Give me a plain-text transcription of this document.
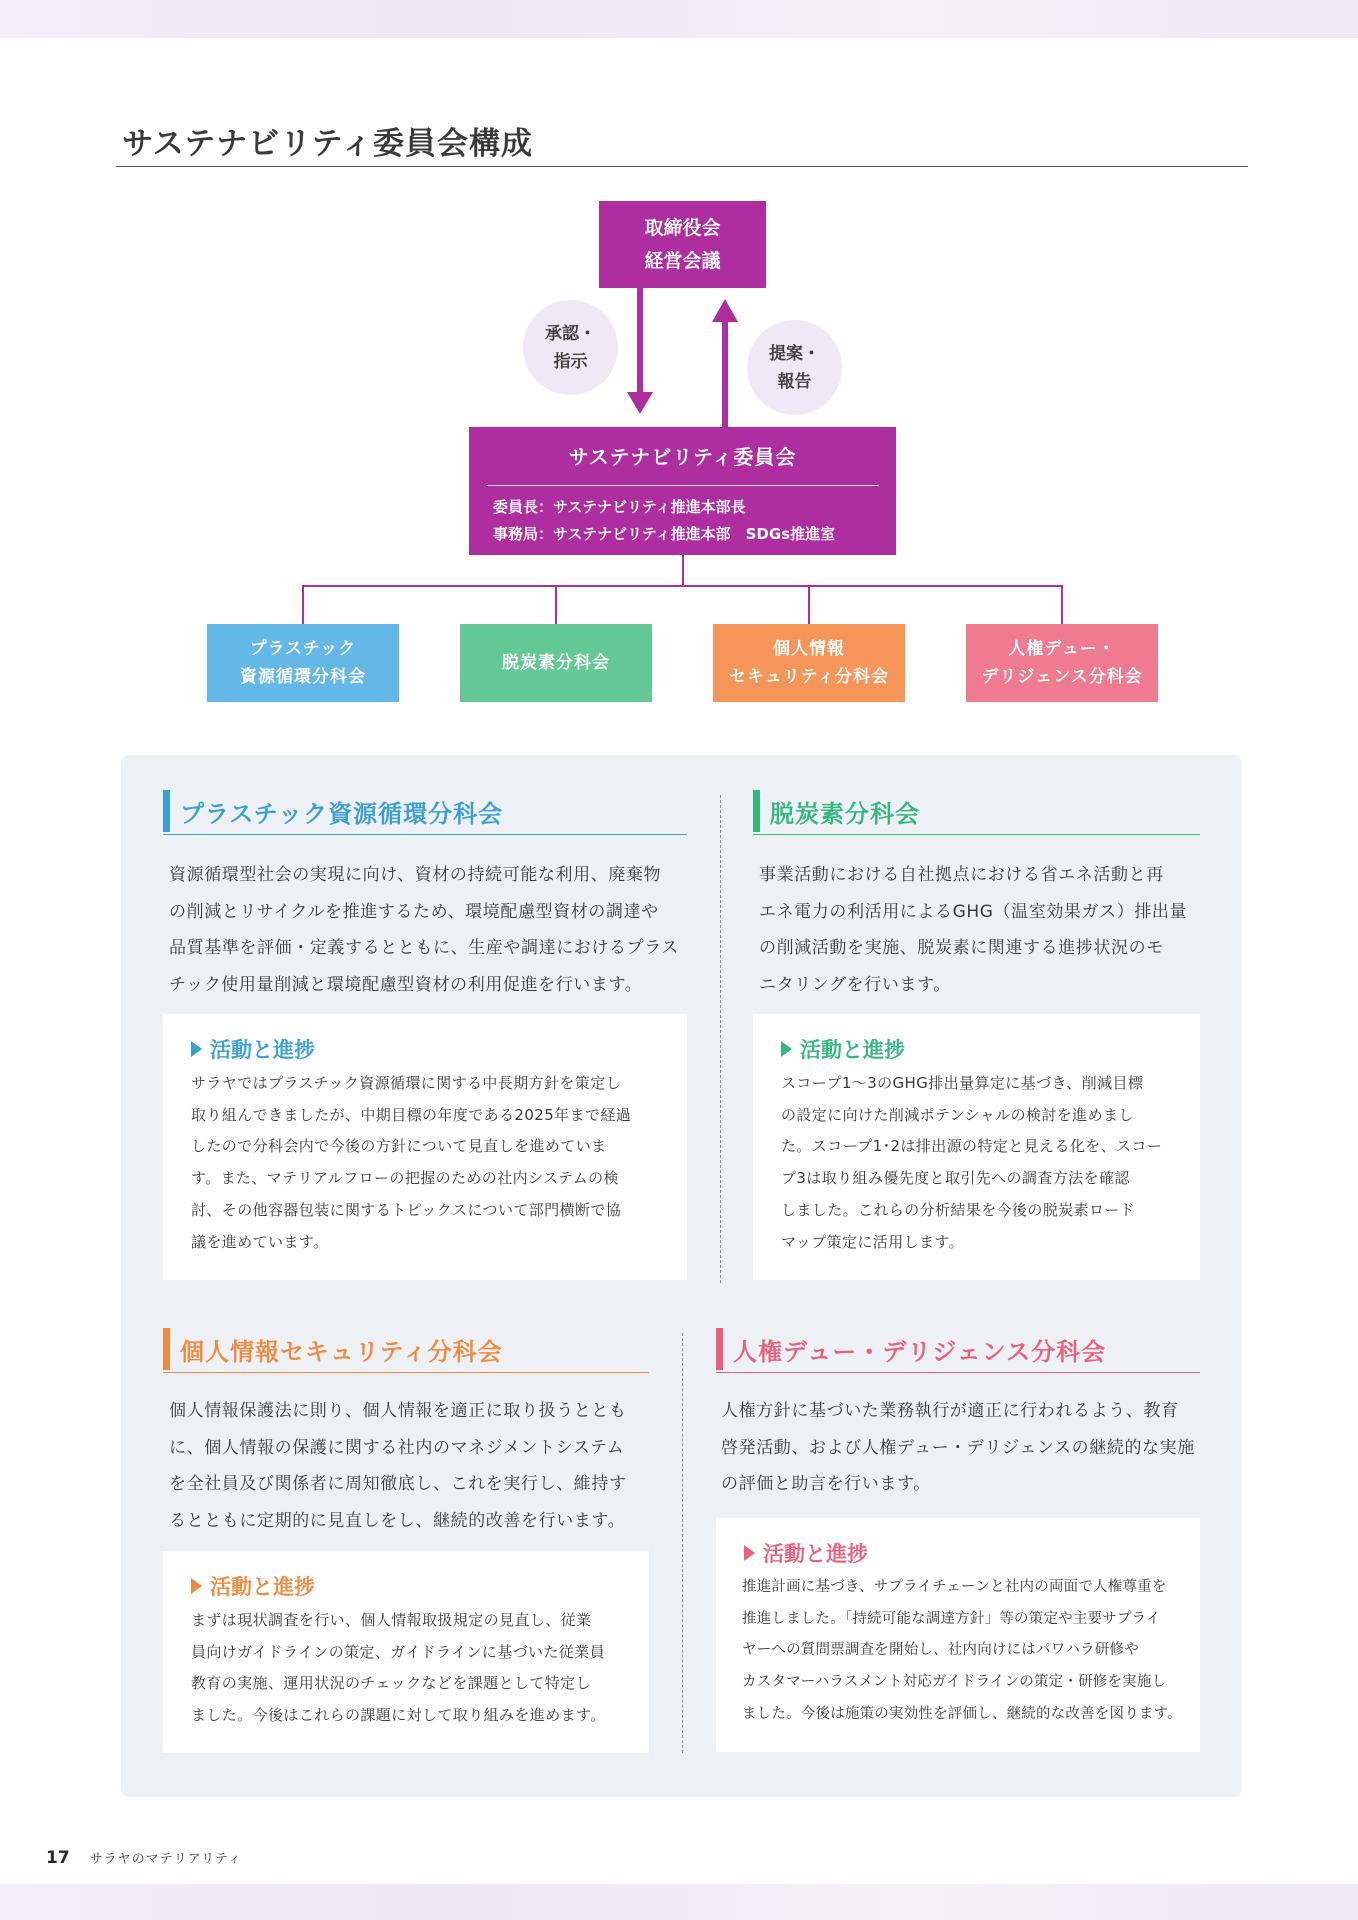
サステナビリティ委員会構成
取締役会
経営会議
承認・
指示	提案・
報告
サステナビリティ委員会
委員長：サステナビリティ推進本部長
事務局：サステナビリティ推進本部　SDGs推進室
プラスチック
資源循環分科会
脱炭素分科会
個人情報
セキュリティ分科会
人権デュー・
デリジェンス分科会
プラスチック資源循環分科会
資源循環型社会の実現に向け、資材の持続可能な利用、廃棄物
の削減とリサイクルを推進するため、環境配慮型資材の調達や
品質基準を評価・定義するとともに、生産や調達におけるプラス
チック使用量削減と環境配慮型資材の利用促進を行います。
活動と進捗
サラヤではプラスチック資源循環に関する中長期方針を策定し
取り組んできましたが、中期目標の年度である2025年まで経過
したので分科会内で今後の方針について見直しを進めていま
す。また、マテリアルフローの把握のための社内システムの検
討、その他容器包装に関するトピックスについて部門横断で協
議を進めています。
脱炭素分科会
事業活動における自社拠点における省エネ活動と再
エネ電力の利活用によるGHG（温室効果ガス）排出量
の削減活動を実施、脱炭素に関連する進捗状況のモ
ニタリングを行います。
活動と進捗
スコープ1～3のGHG排出量算定に基づき、削減目標
の設定に向けた削減ポテンシャルの検討を進めまし
た。スコープ1･2は排出源の特定と見える化を、スコー
プ3は取り組み優先度と取引先への調査方法を確認
しました。これらの分析結果を今後の脱炭素ロード
マップ策定に活用します。
個人情報セキュリティ分科会
個人情報保護法に則り、個人情報を適正に取り扱うととも
に、個人情報の保護に関する社内のマネジメントシステム
を全社員及び関係者に周知徹底し、これを実行し、維持す
るとともに定期的に見直しをし、継続的改善を行います。
活動と進捗
まずは現状調査を行い、個人情報取扱規定の見直し、従業
員向けガイドラインの策定、ガイドラインに基づいた従業員
教育の実施、運用状況のチェックなどを課題として特定し
ました。今後はこれらの課題に対して取り組みを進めます。
人権デュー・デリジェンス分科会
人権方針に基づいた業務執行が適正に行われるよう、教育
啓発活動、および人権デュー・デリジェンスの継続的な実施
の評価と助言を行います。
活動と進捗
推進計画に基づき、サプライチェーンと社内の両面で人権尊重を
推進しました。「持続可能な調達方針」等の策定や主要サプライ
ヤーへの質問票調査を開始し、社内向けにはパワハラ研修や
カスタマーハラスメント対応ガイドラインの策定・研修を実施し
ました。今後は施策の実効性を評価し、継続的な改善を図ります。
17 サラヤのマテリアリティ
